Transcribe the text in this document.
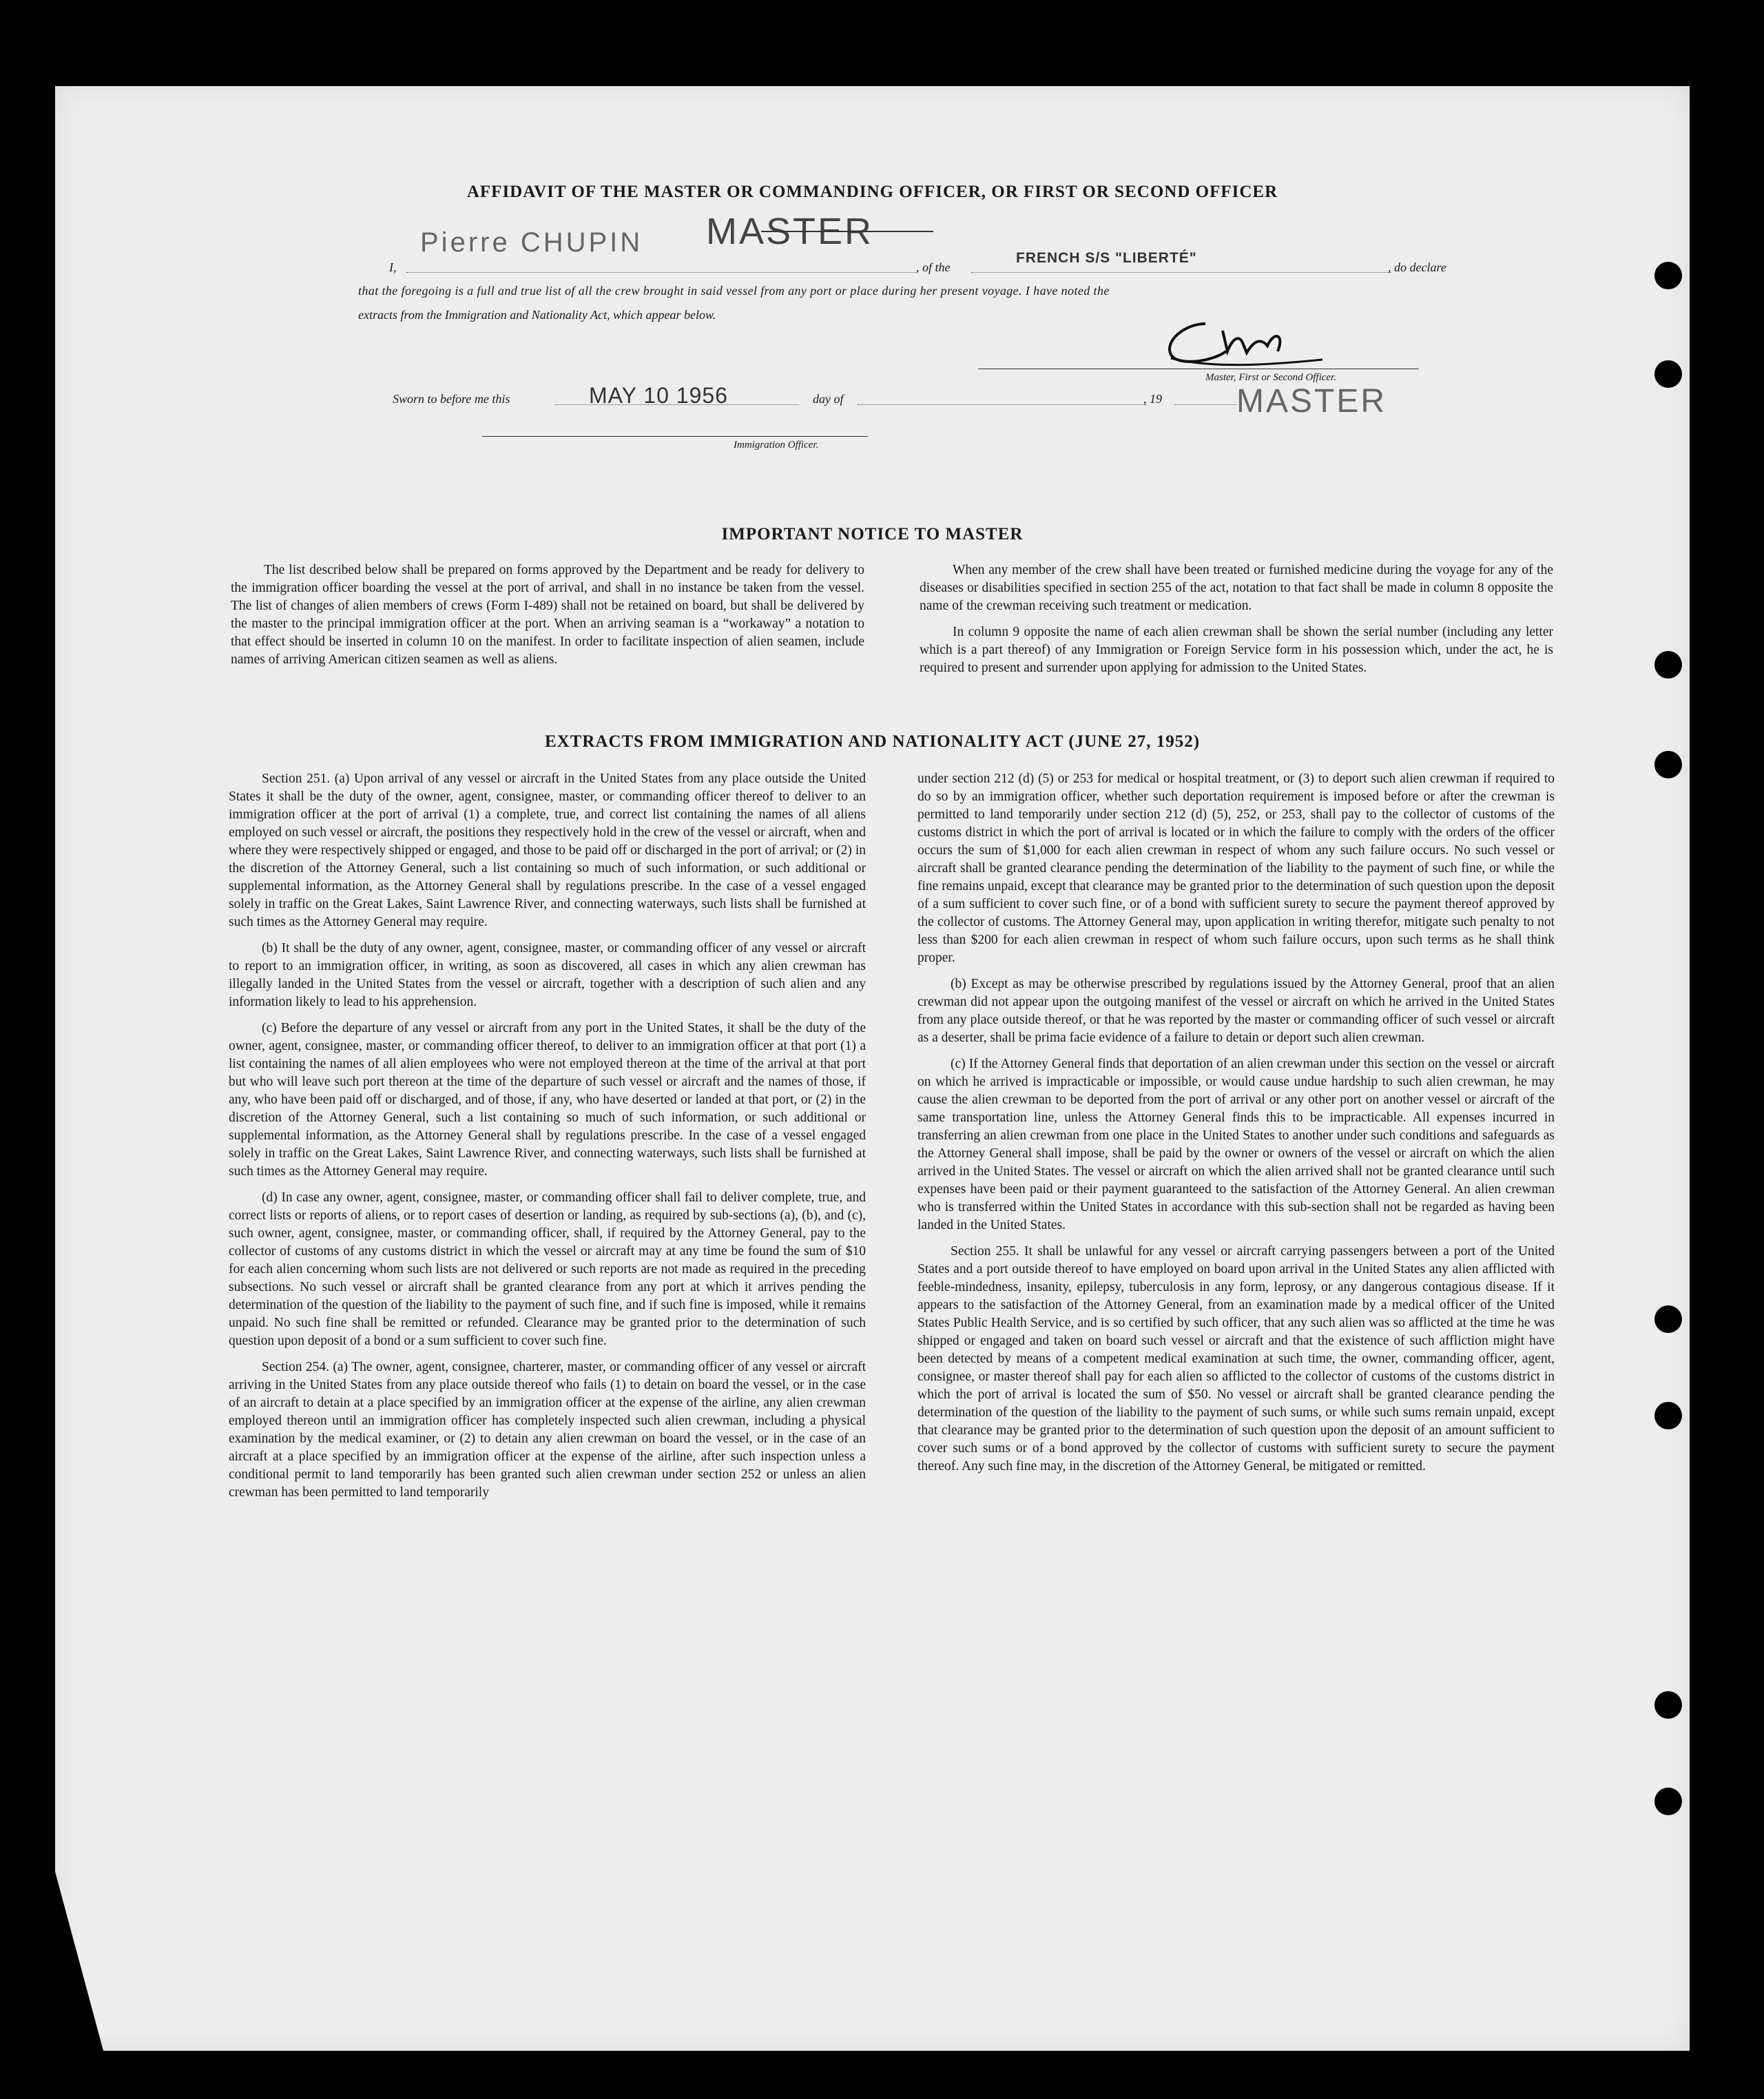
AFFIDAVIT OF THE MASTER OR COMMANDING OFFICER, OR FIRST OR SECOND OFFICER
I,
Pierre CHUPIN MASTER
, of the
FRENCH S/S "LIBERTÉ"
, do declare
that the foregoing is a full and true list of all the crew brought in said vessel from any port or place during her present voyage. I have noted the
extracts from the Immigration and Nationality Act, which appear below.
Master, First or Second Officer.
MASTER
Sworn to before me this	MAY 10 1956	day of	, 19
Immigration Officer.
IMPORTANT NOTICE TO MASTER

The list described below shall be prepared on forms approved by the Department and be ready for delivery to the immigration officer boarding the vessel at the port of arrival, and shall in no instance be taken from the vessel. The list of changes of alien members of crews (Form I-489) shall not be retained on board, but shall be delivered by the master to the principal immigration officer at the port. When an arriving seaman is a “workaway” a notation to that effect should be inserted in column 10 on the manifest. In order to facilitate inspection of alien seamen, include names of arriving American citizen seamen as well as aliens.

When any member of the crew shall have been treated or furnished medicine during the voyage for any of the diseases or disabilities specified in section 255 of the act, notation to that fact shall be made in column 8 opposite the name of the crewman receiving such treatment or medication.

In column 9 opposite the name of each alien crewman shall be shown the serial number (including any letter which is a part thereof) of any Immigration or Foreign Service form in his possession which, under the act, he is required to present and surrender upon applying for admission to the United States.

EXTRACTS FROM IMMIGRATION AND NATIONALITY ACT (JUNE 27, 1952)

Section 251. (a) Upon arrival of any vessel or aircraft in the United States from any place outside the United States it shall be the duty of the owner, agent, consignee, master, or commanding officer thereof to deliver to an immigration officer at the port of arrival (1) a complete, true, and correct list containing the names of all aliens employed on such vessel or aircraft, the positions they respectively hold in the crew of the vessel or aircraft, when and where they were respectively shipped or engaged, and those to be paid off or discharged in the port of arrival; or (2) in the discretion of the Attorney General, such a list containing so much of such information, or such additional or supplemental information, as the Attorney General shall by regulations prescribe. In the case of a vessel engaged solely in traffic on the Great Lakes, Saint Lawrence River, and connecting waterways, such lists shall be furnished at such times as the Attorney General may require.

(b) It shall be the duty of any owner, agent, consignee, master, or commanding officer of any vessel or aircraft to report to an immigration officer, in writing, as soon as discovered, all cases in which any alien crewman has illegally landed in the United States from the vessel or aircraft, together with a description of such alien and any information likely to lead to his apprehension.

(c) Before the departure of any vessel or aircraft from any port in the United States, it shall be the duty of the owner, agent, consignee, master, or commanding officer thereof, to deliver to an immigration officer at that port (1) a list containing the names of all alien employees who were not employed thereon at the time of the arrival at that port but who will leave such port thereon at the time of the departure of such vessel or aircraft and the names of those, if any, who have been paid off or discharged, and of those, if any, who have deserted or landed at that port, or (2) in the discretion of the Attorney General, such a list containing so much of such information, or such additional or supplemental information, as the Attorney General shall by regulations prescribe. In the case of a vessel engaged solely in traffic on the Great Lakes, Saint Lawrence River, and connecting waterways, such lists shall be furnished at such times as the Attorney General may require.

(d) In case any owner, agent, consignee, master, or commanding officer shall fail to deliver complete, true, and correct lists or reports of aliens, or to report cases of desertion or landing, as required by sub-sections (a), (b), and (c), such owner, agent, consignee, master, or commanding officer, shall, if required by the Attorney General, pay to the collector of customs of any customs district in which the vessel or aircraft may at any time be found the sum of $10 for each alien concerning whom such lists are not delivered or such reports are not made as required in the preceding subsections. No such vessel or aircraft shall be granted clearance from any port at which it arrives pending the determination of the question of the liability to the payment of such fine, and if such fine is imposed, while it remains unpaid. No such fine shall be remitted or refunded. Clearance may be granted prior to the determination of such question upon deposit of a bond or a sum sufficient to cover such fine.

Section 254. (a) The owner, agent, consignee, charterer, master, or commanding officer of any vessel or aircraft arriving in the United States from any place outside thereof who fails (1) to detain on board the vessel, or in the case of an aircraft to detain at a place specified by an immigration officer at the expense of the airline, any alien crewman employed thereon until an immigration officer has completely inspected such alien crewman, including a physical examination by the medical examiner, or (2) to detain any alien crewman on board the vessel, or in the case of an aircraft at a place specified by an immigration officer at the expense of the airline, after such inspection unless a conditional permit to land temporarily has been granted such alien crewman under section 252 or unless an alien crewman has been permitted to land temporarily

under section 212 (d) (5) or 253 for medical or hospital treatment, or (3) to deport such alien crewman if required to do so by an immigration officer, whether such deportation requirement is imposed before or after the crewman is permitted to land temporarily under section 212 (d) (5), 252, or 253, shall pay to the collector of customs of the customs district in which the port of arrival is located or in which the failure to comply with the orders of the officer occurs the sum of $1,000 for each alien crewman in respect of whom any such failure occurs. No such vessel or aircraft shall be granted clearance pending the determination of the liability to the payment of such fine, or while the fine remains unpaid, except that clearance may be granted prior to the determination of such question upon the deposit of a sum sufficient to cover such fine, or of a bond with sufficient surety to secure the payment thereof approved by the collector of customs. The Attorney General may, upon application in writing therefor, mitigate such penalty to not less than $200 for each alien crewman in respect of whom such failure occurs, upon such terms as he shall think proper.

(b) Except as may be otherwise prescribed by regulations issued by the Attorney General, proof that an alien crewman did not appear upon the outgoing manifest of the vessel or aircraft on which he arrived in the United States from any place outside thereof, or that he was reported by the master or commanding officer of such vessel or aircraft as a deserter, shall be prima facie evidence of a failure to detain or deport such alien crewman.

(c) If the Attorney General finds that deportation of an alien crewman under this section on the vessel or aircraft on which he arrived is impracticable or impossible, or would cause undue hardship to such alien crewman, he may cause the alien crewman to be deported from the port of arrival or any other port on another vessel or aircraft of the same transportation line, unless the Attorney General finds this to be impracticable. All expenses incurred in transferring an alien crewman from one place in the United States to another under such conditions and safeguards as the Attorney General shall impose, shall be paid by the owner or owners of the vessel or aircraft on which the alien arrived in the United States. The vessel or aircraft on which the alien arrived shall not be granted clearance until such expenses have been paid or their payment guaranteed to the satisfaction of the Attorney General. An alien crewman who is transferred within the United States in accordance with this sub-section shall not be regarded as having been landed in the United States.

Section 255. It shall be unlawful for any vessel or aircraft carrying passengers between a port of the United States and a port outside thereof to have employed on board upon arrival in the United States any alien afflicted with feeble-mindedness, insanity, epilepsy, tuberculosis in any form, leprosy, or any dangerous contagious disease. If it appears to the satisfaction of the Attorney General, from an examination made by a medical officer of the United States Public Health Service, and is so certified by such officer, that any such alien was so afflicted at the time he was shipped or engaged and taken on board such vessel or aircraft and that the existence of such affliction might have been detected by means of a competent medical examination at such time, the owner, commanding officer, agent, consignee, or master thereof shall pay for each alien so afflicted to the collector of customs of the customs district in which the port of arrival is located the sum of $50. No vessel or aircraft shall be granted clearance pending the determination of the question of the liability to the payment of such sums, or while such sums remain unpaid, except that clearance may be granted prior to the determination of such question upon the deposit of an amount sufficient to cover such sums or of a bond approved by the collector of customs with sufficient surety to secure the payment thereof. Any such fine may, in the discretion of the Attorney General, be mitigated or remitted.
